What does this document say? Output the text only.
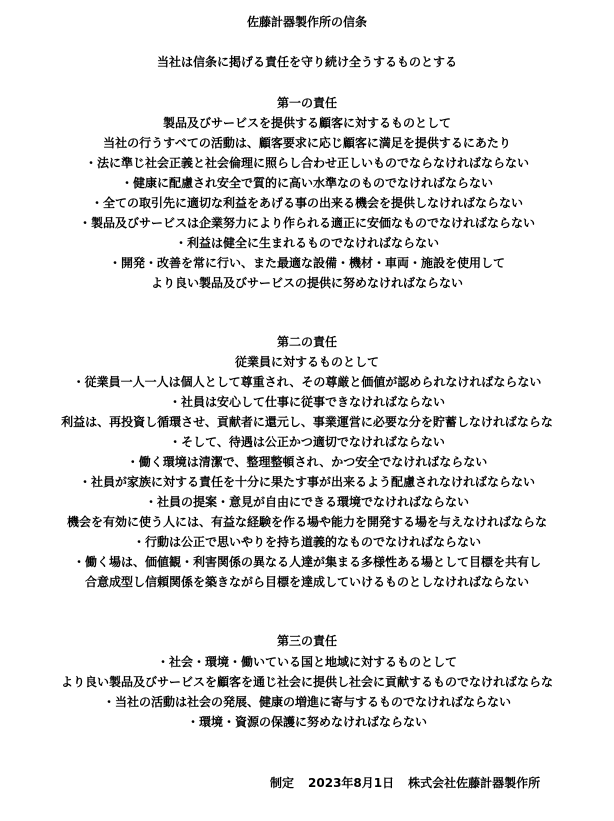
佐藤計器製作所の信条
当社は信条に掲げる責任を守り続け全うするものとする
第一の責任
製品及びサービスを提供する顧客に対するものとして
当社の行うすべての活動は、顧客要求に応じ顧客に満足を提供するにあたり
・法に準じ社会正義と社会倫理に照らし合わせ正しいものでならなければならない
・健康に配慮され安全で質的に高い水準なのものでなければならない
・全ての取引先に適切な利益をあげる事の出来る機会を提供しなければならない
・製品及びサービスは企業努力により作られる適正に安価なものでなければならない
・利益は健全に生まれるものでなければならない
・開発・改善を常に行い、また最適な設備・機材・車両・施設を使用して
より良い製品及びサービスの提供に努めなければならない
第二の責任
従業員に対するものとして
・従業員一人一人は個人として尊重され、その尊厳と価値が認められなければならない
・社員は安心して仕事に従事できなければならない
利益は、再投資し循環させ、貢献者に還元し、事業運営に必要な分を貯蓄しなければならな
・そして、待遇は公正かつ適切でなければならない
・働く環境は清潔で、整理整頓され、かつ安全でなければならない
・社員が家族に対する責任を十分に果たす事が出来るよう配慮されなければならない
・社員の提案・意見が自由にできる環境でなければならない
機会を有効に使う人には、有益な経験を作る場や能力を開発する場を与えなければならな
・行動は公正で思いやりを持ち道義的なものでなければならない
・働く場は、価値観・利害関係の異なる人達が集まる多様性ある場として目標を共有し
合意成型し信頼関係を築きながら目標を達成していけるものとしなければならない
第三の責任
・社会・環境・働いている国と地域に対するものとして
より良い製品及びサービスを顧客を通じ社会に提供し社会に貢献するものでなければならな
・当社の活動は社会の発展、健康の増進に寄与するものでなければならない
・環境・資源の保護に努めなければならない
制定 2023年8月1日 株式会社佐藤計器製作所
